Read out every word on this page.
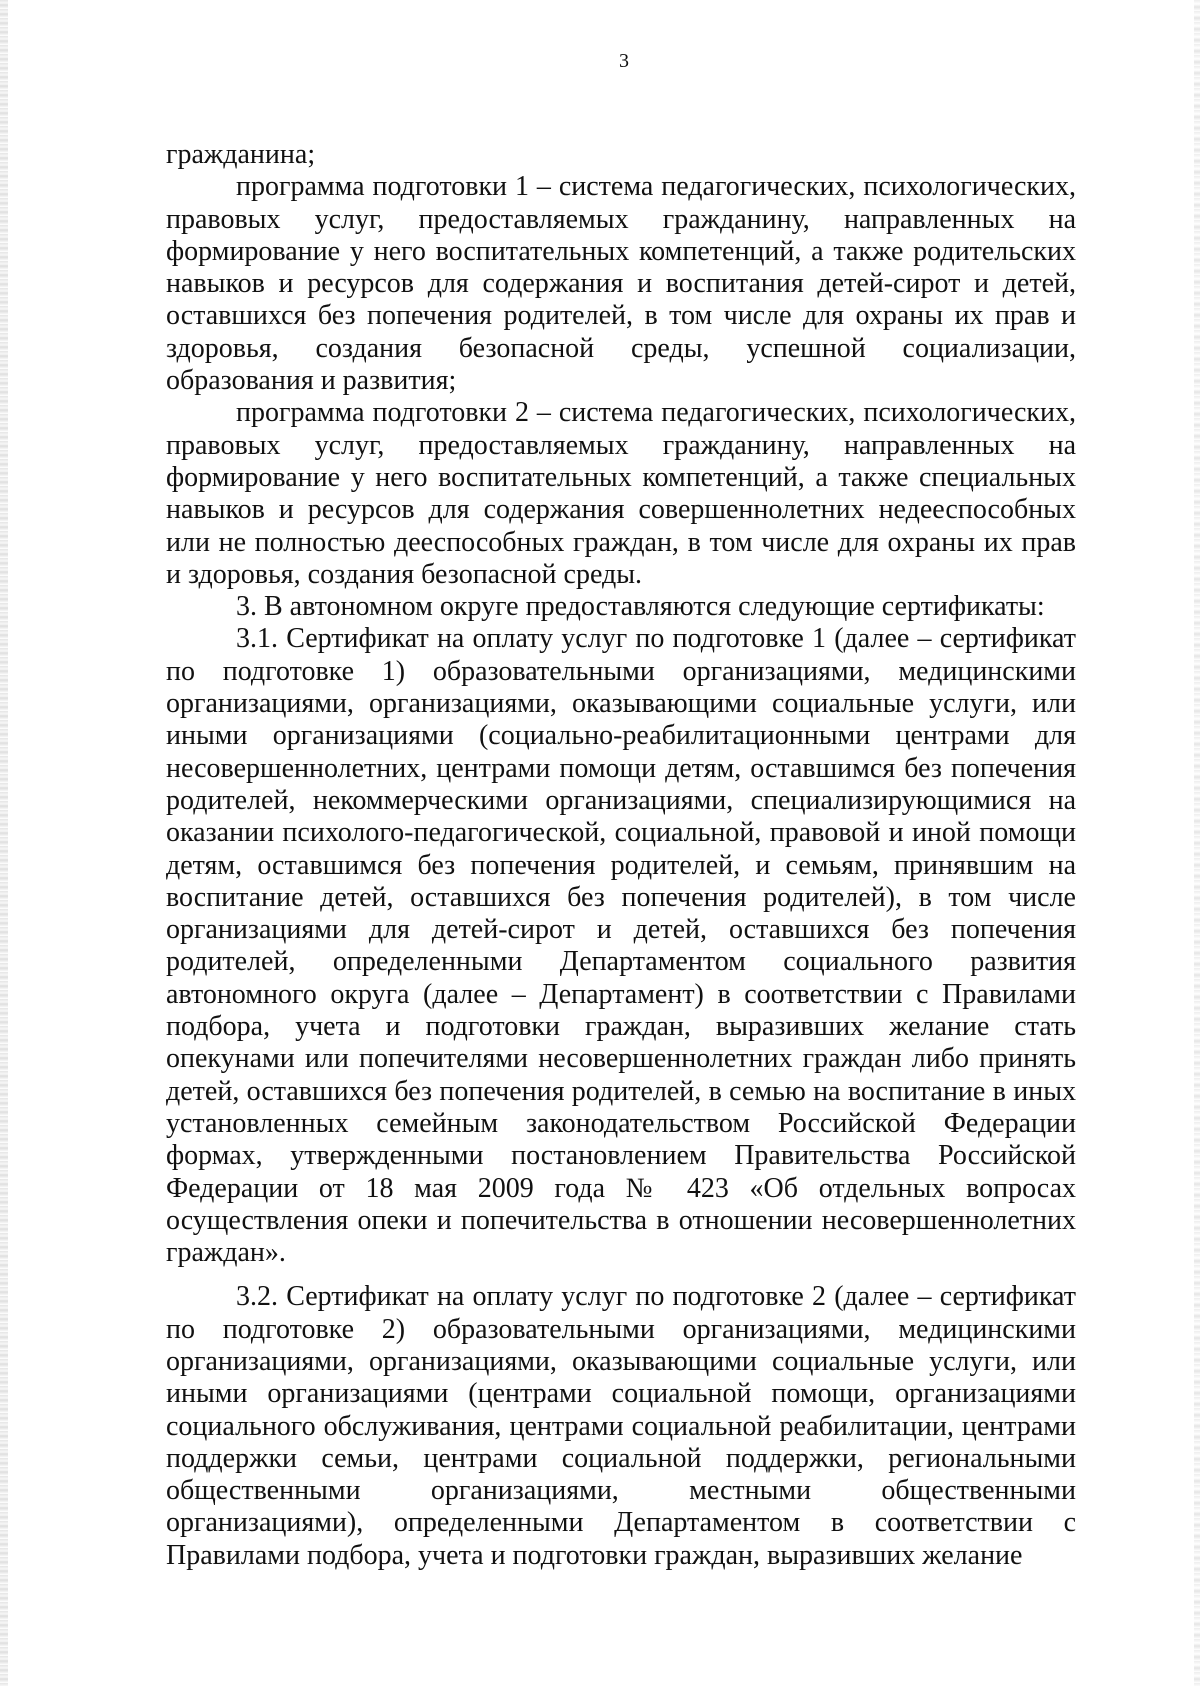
3

гражданина;

программа подготовки 1 – система педагогических, психологических, правовых услуг, предоставляемых гражданину, направленных на формирование у него воспитательных компетенций, а также родительских навыков и ресурсов для содержания и воспитания детей-сирот и детей, оставшихся без попечения родителей, в том числе для охраны их прав и здоровья, создания безопасной среды, успешной социализации, образования и развития;

программа подготовки 2 – система педагогических, психологических, правовых услуг, предоставляемых гражданину, направленных на формирование у него воспитательных компетенций, а также специальных навыков и ресурсов для содержания совершеннолетних недееспособных или не полностью дееспособных граждан, в том числе для охраны их прав и здоровья, создания безопасной среды.

3. В автономном округе предоставляются следующие сертификаты:

3.1. Сертификат на оплату услуг по подготовке 1 (далее – сертификат по подготовке 1) образовательными организациями, медицинскими организациями, организациями, оказывающими социальные услуги, или иными организациями (социально-реабилитационными центрами для несовершеннолетних, центрами помощи детям, оставшимся без попечения родителей, некоммерческими организациями, специализирующимися на оказании психолого-педагогической, социальной, правовой и иной помощи детям, оставшимся без попечения родителей, и семьям, принявшим на воспитание детей, оставшихся без попечения родителей), в том числе организациями для детей-сирот и детей, оставшихся без попечения родителей, определенными Департаментом социального развития автономного округа (далее – Департамент) в соответствии с Правилами подбора, учета и подготовки граждан, выразивших желание стать опекунами или попечителями несовершеннолетних граждан либо принять детей, оставшихся без попечения родителей, в семью на воспитание в иных установленных семейным законодательством Российской Федерации формах, утвержденными постановлением Правительства Российской Федерации от 18 мая 2009 года № 423 «Об отдельных вопросах осуществления опеки и попечительства в отношении несовершеннолетних граждан».

3.2. Сертификат на оплату услуг по подготовке 2 (далее – сертификат по подготовке 2) образовательными организациями, медицинскими организациями, организациями, оказывающими социальные услуги, или иными организациями (центрами социальной помощи, организациями социального обслуживания, центрами социальной реабилитации, центрами поддержки семьи, центрами социальной поддержки, региональными общественными организациями, местными общественными организациями), определенными Департаментом в соответствии с Правилами подбора, учета и подготовки граждан, выразивших желание
